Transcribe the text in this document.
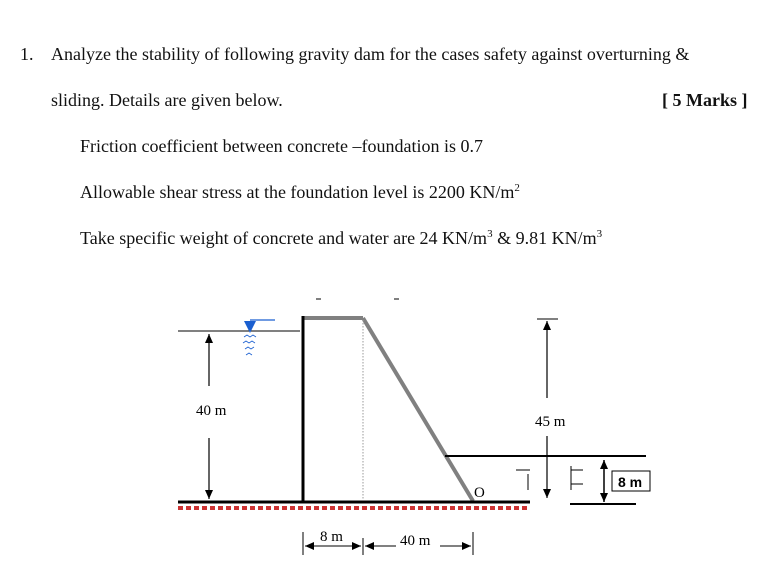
1. Analyze the stability of following gravity dam for the cases safety against overturning &
sliding. Details are given below.	[ 5 Marks ]
Friction coefficient between concrete –foundation is 0.7
Allowable shear stress at the foundation level is 2200 $KN/m^2$
Take specific weight of concrete and water are 24 $KN/m^3$ & 9.81 $KN/m^3$
40 m
O
45 m
8 m
8 m	40 m
